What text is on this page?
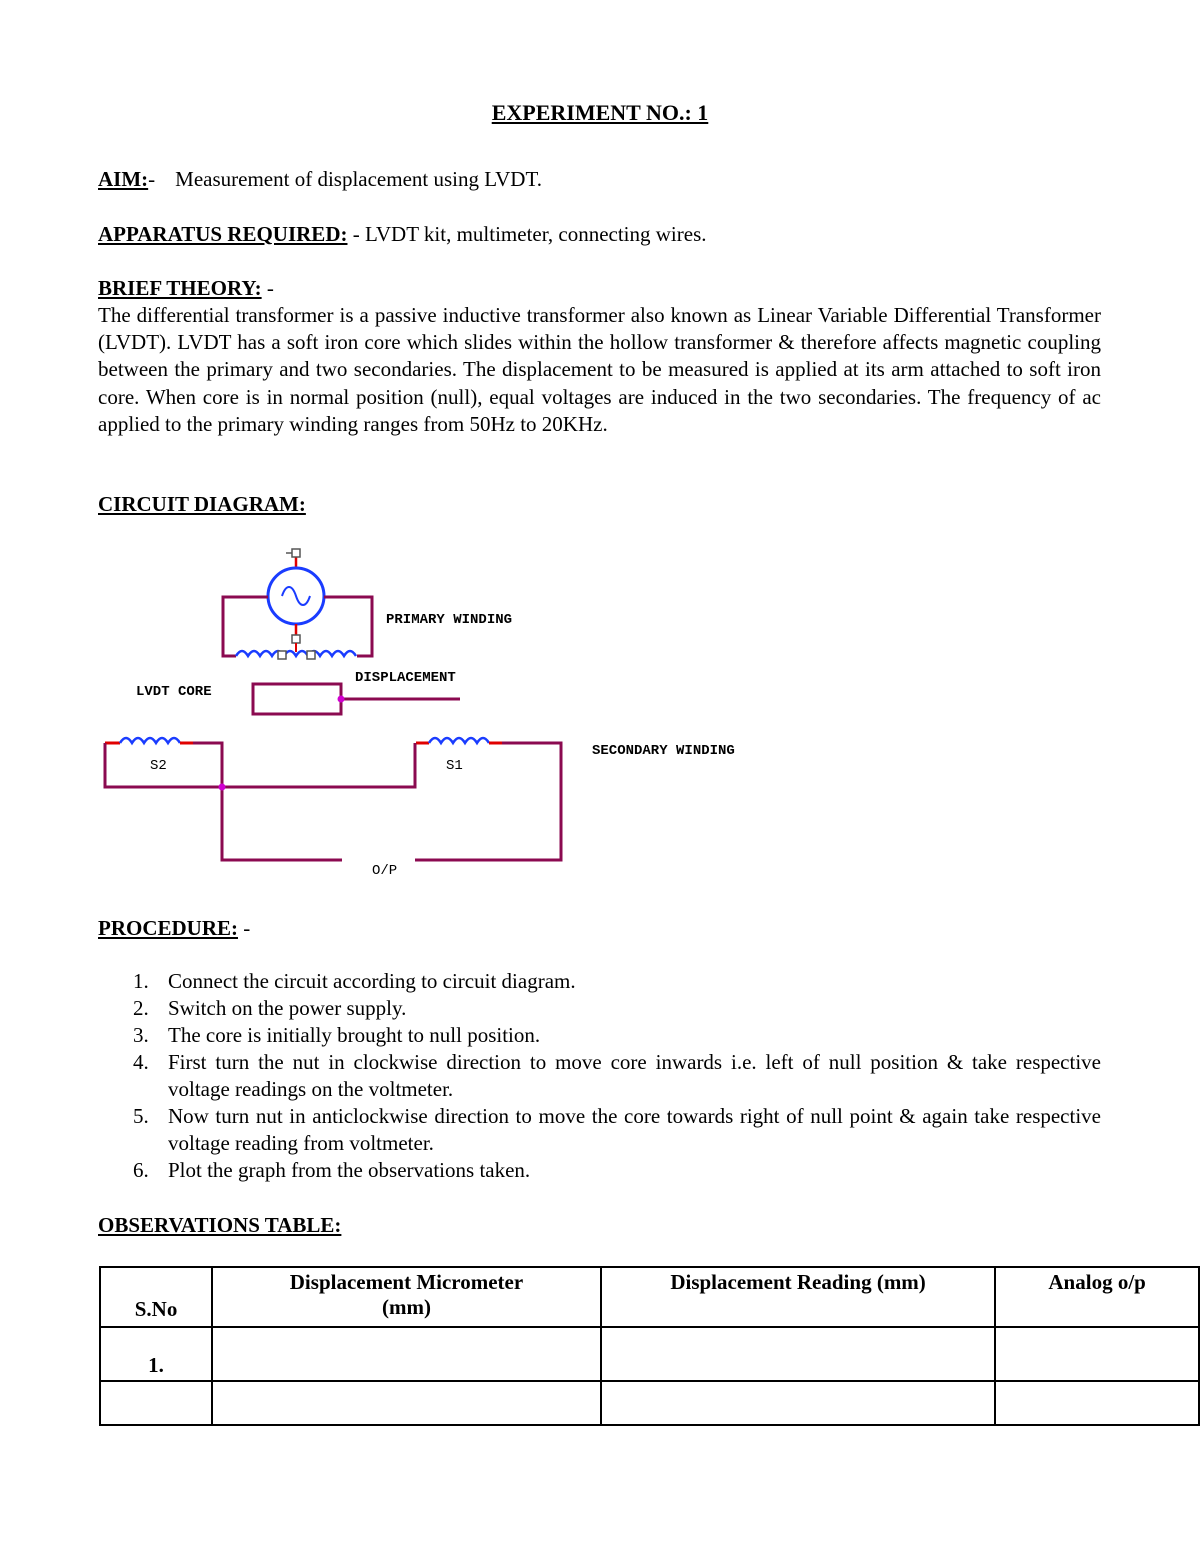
EXPERIMENT NO.: 1
AIM:- Measurement of displacement using LVDT.
APPARATUS REQUIRED: - LVDT kit, multimeter, connecting wires.
BRIEF THEORY: -
The differential transformer is a passive inductive transformer also known as Linear Variable Differential Transformer (LVDT). LVDT has a soft iron core which slides within the hollow transformer & therefore affects magnetic coupling between the primary and two secondaries. The displacement to be measured is applied at its arm attached to soft iron core. When core is in normal position (null), equal voltages are induced in the two secondaries. The frequency of ac applied to the primary winding ranges from 50Hz to 20KHz.
CIRCUIT DIAGRAM:
PRIMARY WINDING
DISPLACEMENT
LVDT CORE
SECONDARY WINDING
S2	S1
O/P
PROCEDURE: -
1. Connect the circuit according to circuit diagram.
2. Switch on the power supply.
3. The core is initially brought to null position.
4. First turn the nut in clockwise direction to move core inwards i.e. left of null position & take respective voltage readings on the voltmeter.
5. Now turn nut in anticlockwise direction to move the core towards right of null point & again take respective voltage reading from voltmeter.
6. Plot the graph from the observations taken.
OBSERVATIONS TABLE:
S.No	Displacement Micrometer (mm)	Displacement Reading (mm)	Analog o/p
1.			
